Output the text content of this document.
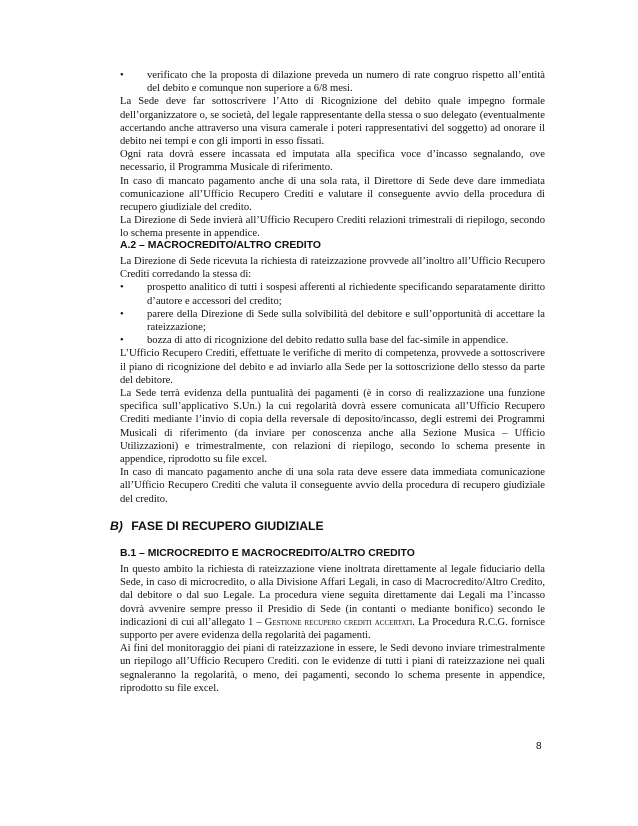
• verificato che la proposta di dilazione preveda un numero di rate congruo rispetto all’entità del debito e comunque non superiore a 6/8 mesi.

La Sede deve far sottoscrivere l’Atto di Ricognizione del debito quale impegno formale dell’organizzatore o, se società, del legale rappresentante della stessa o suo delegato (eventualmente accertando anche attraverso una visura camerale i poteri rappresentativi del soggetto) ad onorare il debito nei tempi e con gli importi in esso fissati.

Ogni rata dovrà essere incassata ed imputata alla specifica voce d’incasso segnalando, ove necessario, il Programma Musicale di riferimento.

In caso di mancato pagamento anche di una sola rata, il Direttore di Sede deve dare immediata comunicazione all’Ufficio Recupero Crediti e valutare il conseguente avvio della procedura di recupero giudiziale del credito.

La Direzione di Sede invierà all’Ufficio Recupero Crediti relazioni trimestrali di riepilogo, secondo lo schema presente in appendice.

A.2 – MACROCREDITO/ALTRO CREDITO

La Direzione di Sede ricevuta la richiesta di rateizzazione provvede all’inoltro all’Ufficio Recupero Crediti corredando la stessa di:

• prospetto analitico di tutti i sospesi afferenti al richiedente specificando separatamente diritto d’autore e accessori del credito;
• parere della Direzione di Sede sulla solvibilità del debitore e sull’opportunità di accettare la rateizzazione;
• bozza di atto di ricognizione del debito redatto sulla base del fac-simile in appendice.

L’Ufficio Recupero Crediti, effettuate le verifiche di merito di competenza, provvede a sottoscrivere il piano di ricognizione del debito e ad inviarlo alla Sede per la sottoscrizione dello stesso da parte del debitore.

La Sede terrà evidenza della puntualità dei pagamenti (è in corso di realizzazione una funzione specifica sull’applicativo S.Un.) la cui regolarità dovrà essere comunicata all’Ufficio Recupero Crediti mediante l’invio di copia della reversale di deposito/incasso, degli estremi dei Programmi Musicali di riferimento (da inviare per conoscenza anche alla Sezione Musica – Ufficio Utilizzazioni) e trimestralmente, con relazioni di riepilogo, secondo lo schema presente in appendice, riprodotto su file excel.

In caso di mancato pagamento anche di una sola rata deve essere data immediata comunicazione all’Ufficio Recupero Crediti che valuta il conseguente avvio della procedura di recupero giudiziale del credito.

B) FASE DI RECUPERO GIUDIZIALE
B.1 – MICROCREDITO E MACROCREDITO/ALTRO CREDITO

In questo ambito la richiesta di rateizzazione viene inoltrata direttamente al legale fiduciario della Sede, in caso di microcredito, o alla Divisione Affari Legali, in caso di Macrocredito/Altro Credito, dal debitore o dal suo Legale. La procedura viene seguita direttamente dai Legali ma l’incasso dovrà avvenire sempre presso il Presidio di Sede (in contanti o mediante bonifico) secondo le indicazioni di cui all’allegato 1 – Gestione recupero crediti accertati. La Procedura R.C.G. fornisce supporto per avere evidenza della regolarità dei pagamenti.

Ai fini del monitoraggio dei piani di rateizzazione in essere, le Sedi devono inviare trimestralmente un riepilogo all’Ufficio Recupero Crediti. con le evidenze di tutti i piani di rateizzazione nei quali segnaleranno la regolarità, o meno, dei pagamenti, secondo lo schema presente in appendice, riprodotto su file excel.

8
